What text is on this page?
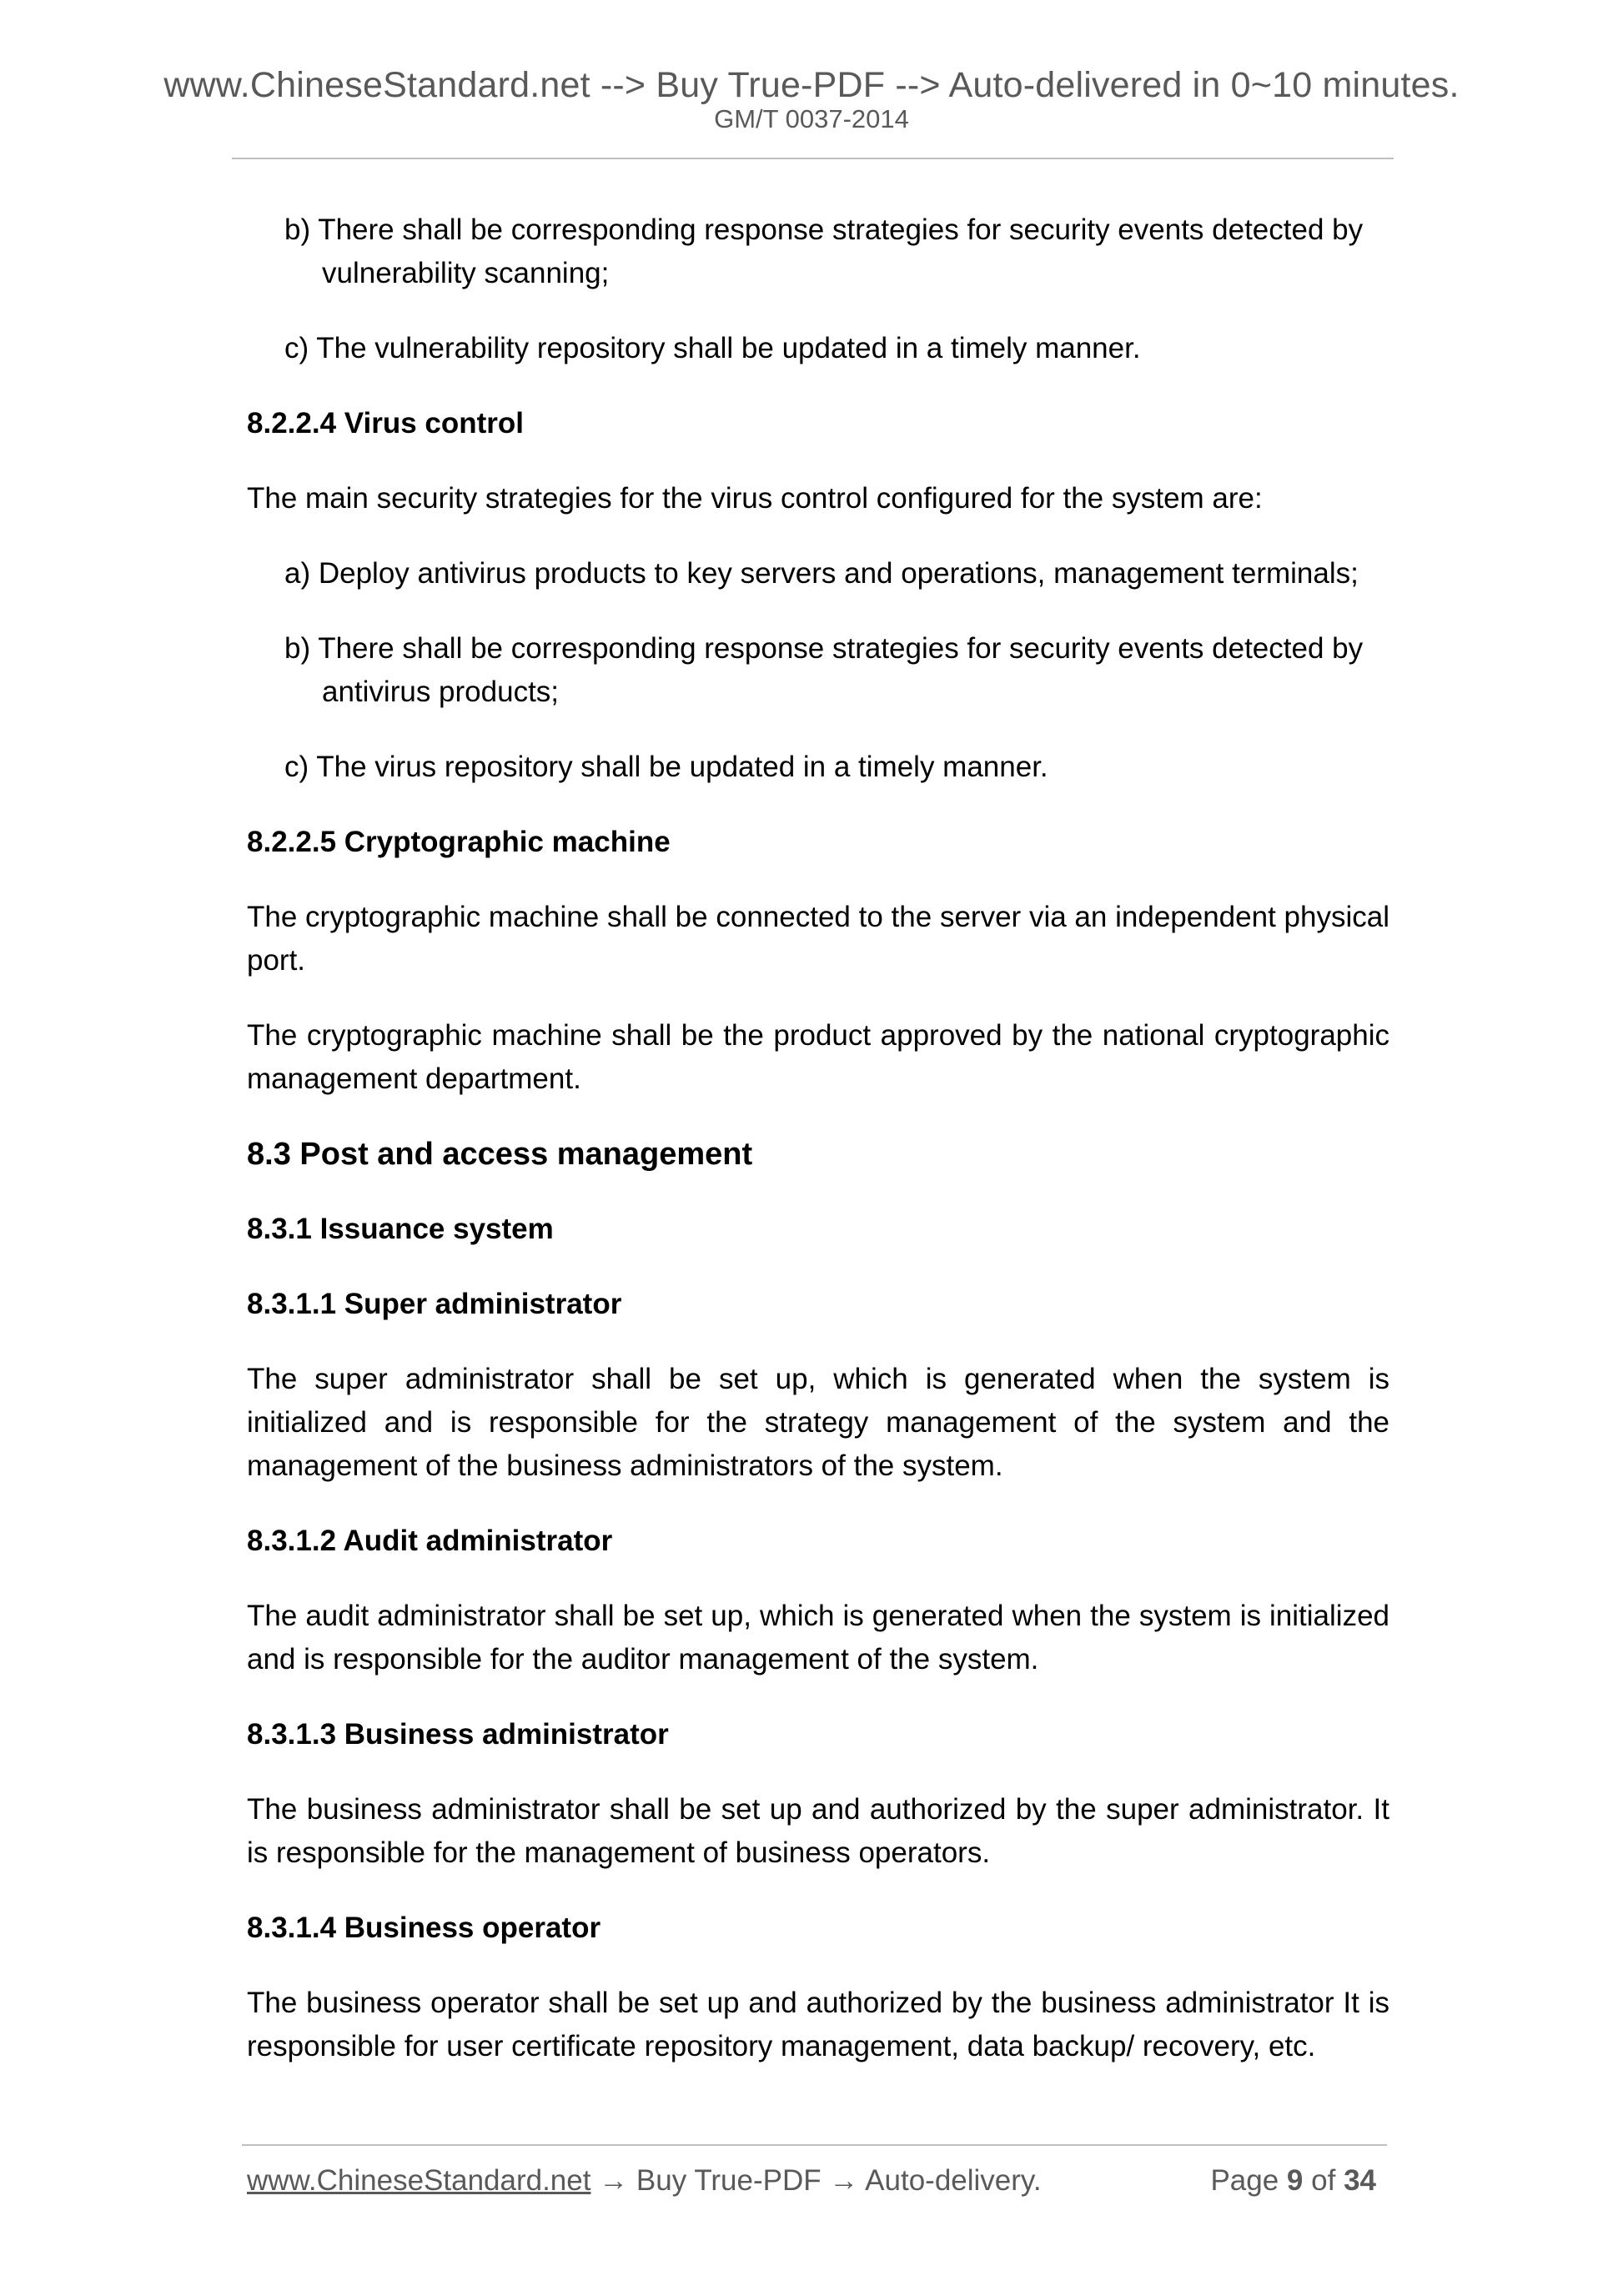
www.ChineseStandard.net --> Buy True-PDF --> Auto-delivered in 0~10 minutes.
GM/T 0037-2014
b) There shall be corresponding response strategies for security events detected by vulnerability scanning;
c) The vulnerability repository shall be updated in a timely manner.
8.2.2.4 Virus control

The main security strategies for the virus control configured for the system are:

a) Deploy antivirus products to key servers and operations, management terminals;
b) There shall be corresponding response strategies for security events detected by antivirus products;
c) The virus repository shall be updated in a timely manner.
8.2.2.5 Cryptographic machine

The cryptographic machine shall be connected to the server via an independent physical port.

The cryptographic machine shall be the product approved by the national cryptographic management department.

8.3 Post and access management
8.3.1 Issuance system
8.3.1.1 Super administrator

The super administrator shall be set up, which is generated when the system is initialized and is responsible for the strategy management of the system and the management of the business administrators of the system.

8.3.1.2 Audit administrator

The audit administrator shall be set up, which is generated when the system is initialized and is responsible for the auditor management of the system.

8.3.1.3 Business administrator

The business administrator shall be set up and authorized by the super administrator. It is responsible for the management of business operators.

8.3.1.4 Business operator

The business operator shall be set up and authorized by the business administrator It is responsible for user certificate repository management, data backup/ recovery, etc.

www.ChineseStandard.net → Buy True-PDF → Auto-delivery.	Page 9 of 34
